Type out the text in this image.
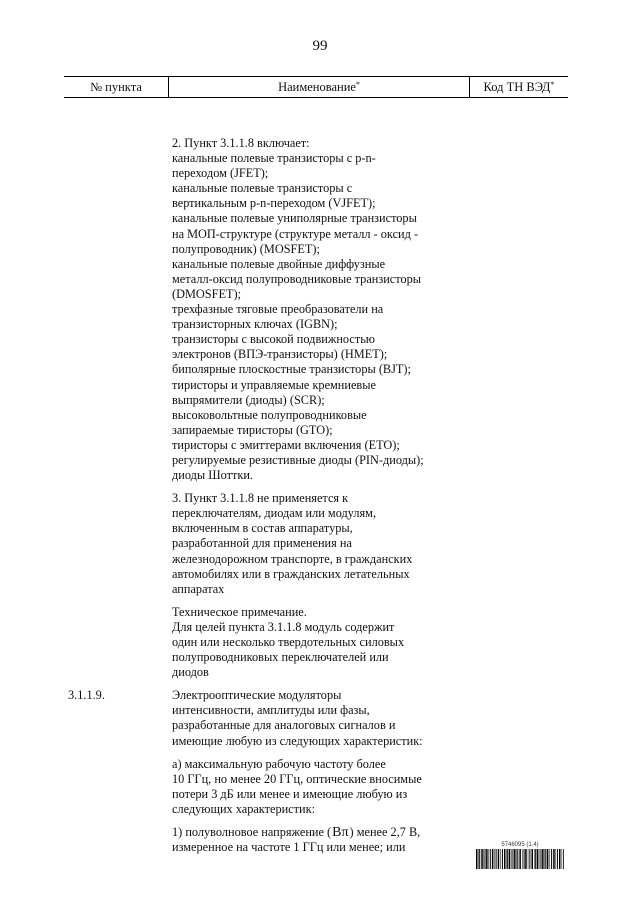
99
№ пункта	Наименование*	Код ТН ВЭД*
2. Пункт 3.1.1.8 включает:
канальные полевые транзисторы с p-n-
переходом (JFET);
канальные полевые транзисторы с
вертикальным p-n-переходом (VJFET);
канальные полевые униполярные транзисторы
на МОП-структуре (структуре металл - оксид -
полупроводник) (MOSFET);
канальные полевые двойные диффузные
металл-оксид полупроводниковые транзисторы
(DMOSFET);
трехфазные тяговые преобразователи на
транзисторных ключах (IGBN);
транзисторы с высокой подвижностью
электронов (ВПЭ-транзисторы) (HMET);
биполярные плоскостные транзисторы (BJT);
тиристоры и управляемые кремниевые
выпрямители (диоды) (SCR);
высоковольтные полупроводниковые
запираемые тиристоры (GTO);
тиристоры с эмиттерами включения (ETO);
регулируемые резистивные диоды (PIN-диоды);
диоды Шоттки.
3. Пункт 3.1.1.8 не применяется к
переключателям, диодам или модулям,
включенным в состав аппаратуры,
разработанной для применения на
железнодорожном транспорте, в гражданских
автомобилях или в гражданских летательных
аппаратах
Техническое примечание.
Для целей пункта 3.1.1.8 модуль содержит
один или несколько твердотельных силовых
полупроводниковых переключателей или
диодов
3.1.1.9.	Электрооптические модуляторы
интенсивности, амплитуды или фазы,
разработанные для аналоговых сигналов и
имеющие любую из следующих характеристик:
а) максимальную рабочую частоту более
10 ГГц, но менее 20 ГГц, оптические вносимые
потери 3 дБ или менее и имеющие любую из
следующих характеристик:
1) полуволновое напряжение (Bπ) менее 2,7 В,
измеренное на частоте 1 ГГц или менее; или	5746095 (1.4)
